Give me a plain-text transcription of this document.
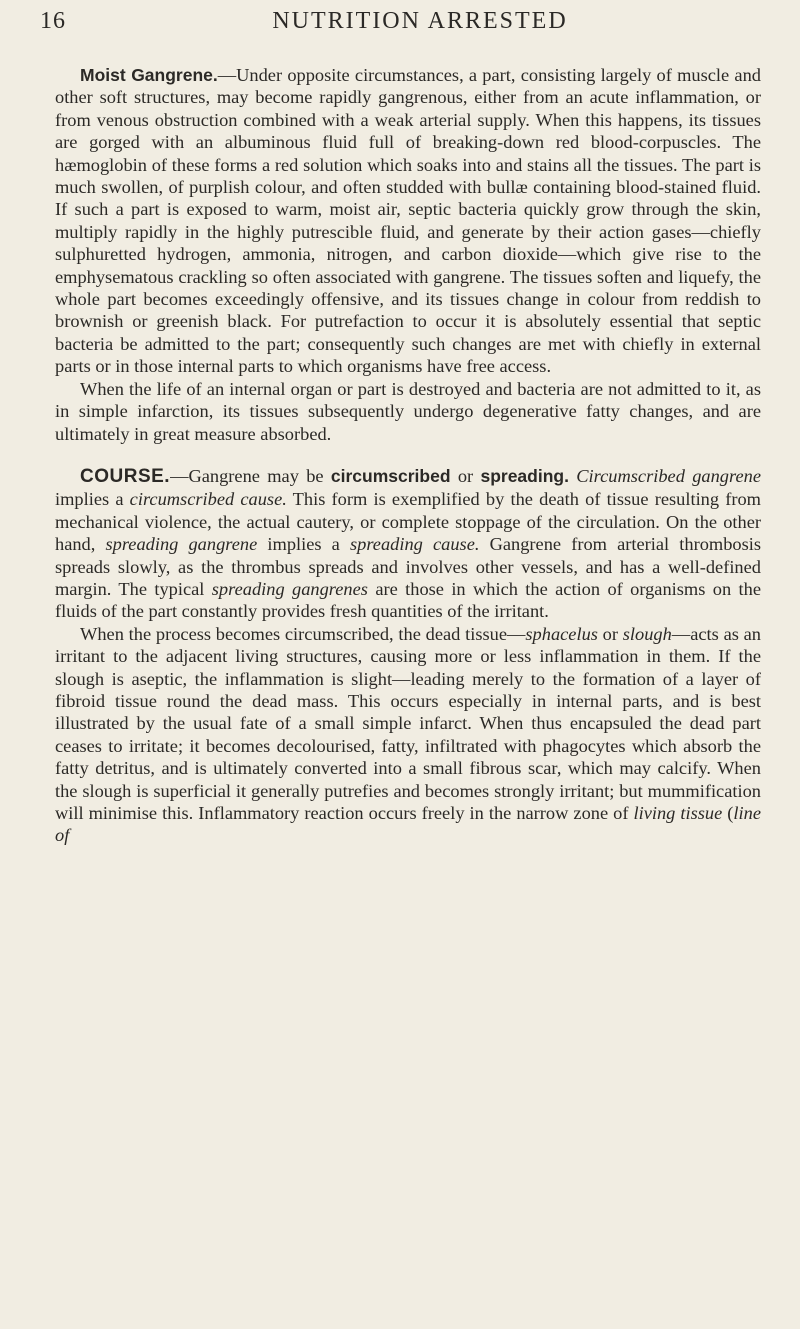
16	NUTRITION ARRESTED

Moist Gangrene.—Under opposite circumstances, a part, consisting largely of muscle and other soft structures, may become rapidly gangrenous, either from an acute inflammation, or from venous obstruction combined with a weak arterial supply. When this happens, its tissues are gorged with an albuminous fluid full of breaking-down red blood-corpuscles. The hæmoglobin of these forms a red solution which soaks into and stains all the tissues. The part is much swollen, of purplish colour, and often studded with bullæ containing blood-stained fluid. If such a part is exposed to warm, moist air, septic bacteria quickly grow through the skin, multiply rapidly in the highly putrescible fluid, and generate by their action gases—chiefly sulphuretted hydrogen, ammonia, nitrogen, and carbon dioxide—which give rise to the emphysematous crackling so often associated with gangrene. The tissues soften and liquefy, the whole part becomes exceedingly offensive, and its tissues change in colour from reddish to brownish or greenish black. For putrefaction to occur it is absolutely essential that septic bacteria be admitted to the part; consequently such changes are met with chiefly in external parts or in those internal parts to which organisms have free access.

When the life of an internal organ or part is destroyed and bacteria are not admitted to it, as in simple infarction, its tissues subsequently undergo degenerative fatty changes, and are ultimately in great measure absorbed.

COURSE.—Gangrene may be circumscribed or spreading. Circumscribed gangrene implies a circumscribed cause. This form is exemplified by the death of tissue resulting from mechanical violence, the actual cautery, or complete stoppage of the circulation. On the other hand, spreading gangrene implies a spreading cause. Gangrene from arterial thrombosis spreads slowly, as the thrombus spreads and involves other vessels, and has a well-defined margin. The typical spreading gangrenes are those in which the action of organisms on the fluids of the part constantly provides fresh quantities of the irritant.

When the process becomes circumscribed, the dead tissue—sphacelus or slough—acts as an irritant to the adjacent living structures, causing more or less inflammation in them. If the slough is aseptic, the inflammation is slight—leading merely to the formation of a layer of fibroid tissue round the dead mass. This occurs especially in internal parts, and is best illustrated by the usual fate of a small simple infarct. When thus encapsuled the dead part ceases to irritate; it becomes decolourised, fatty, infiltrated with phagocytes which absorb the fatty detritus, and is ultimately converted into a small fibrous scar, which may calcify. When the slough is superficial it generally putrefies and becomes strongly irritant; but mummification will minimise this. Inflammatory reaction occurs freely in the narrow zone of living tissue (line of
